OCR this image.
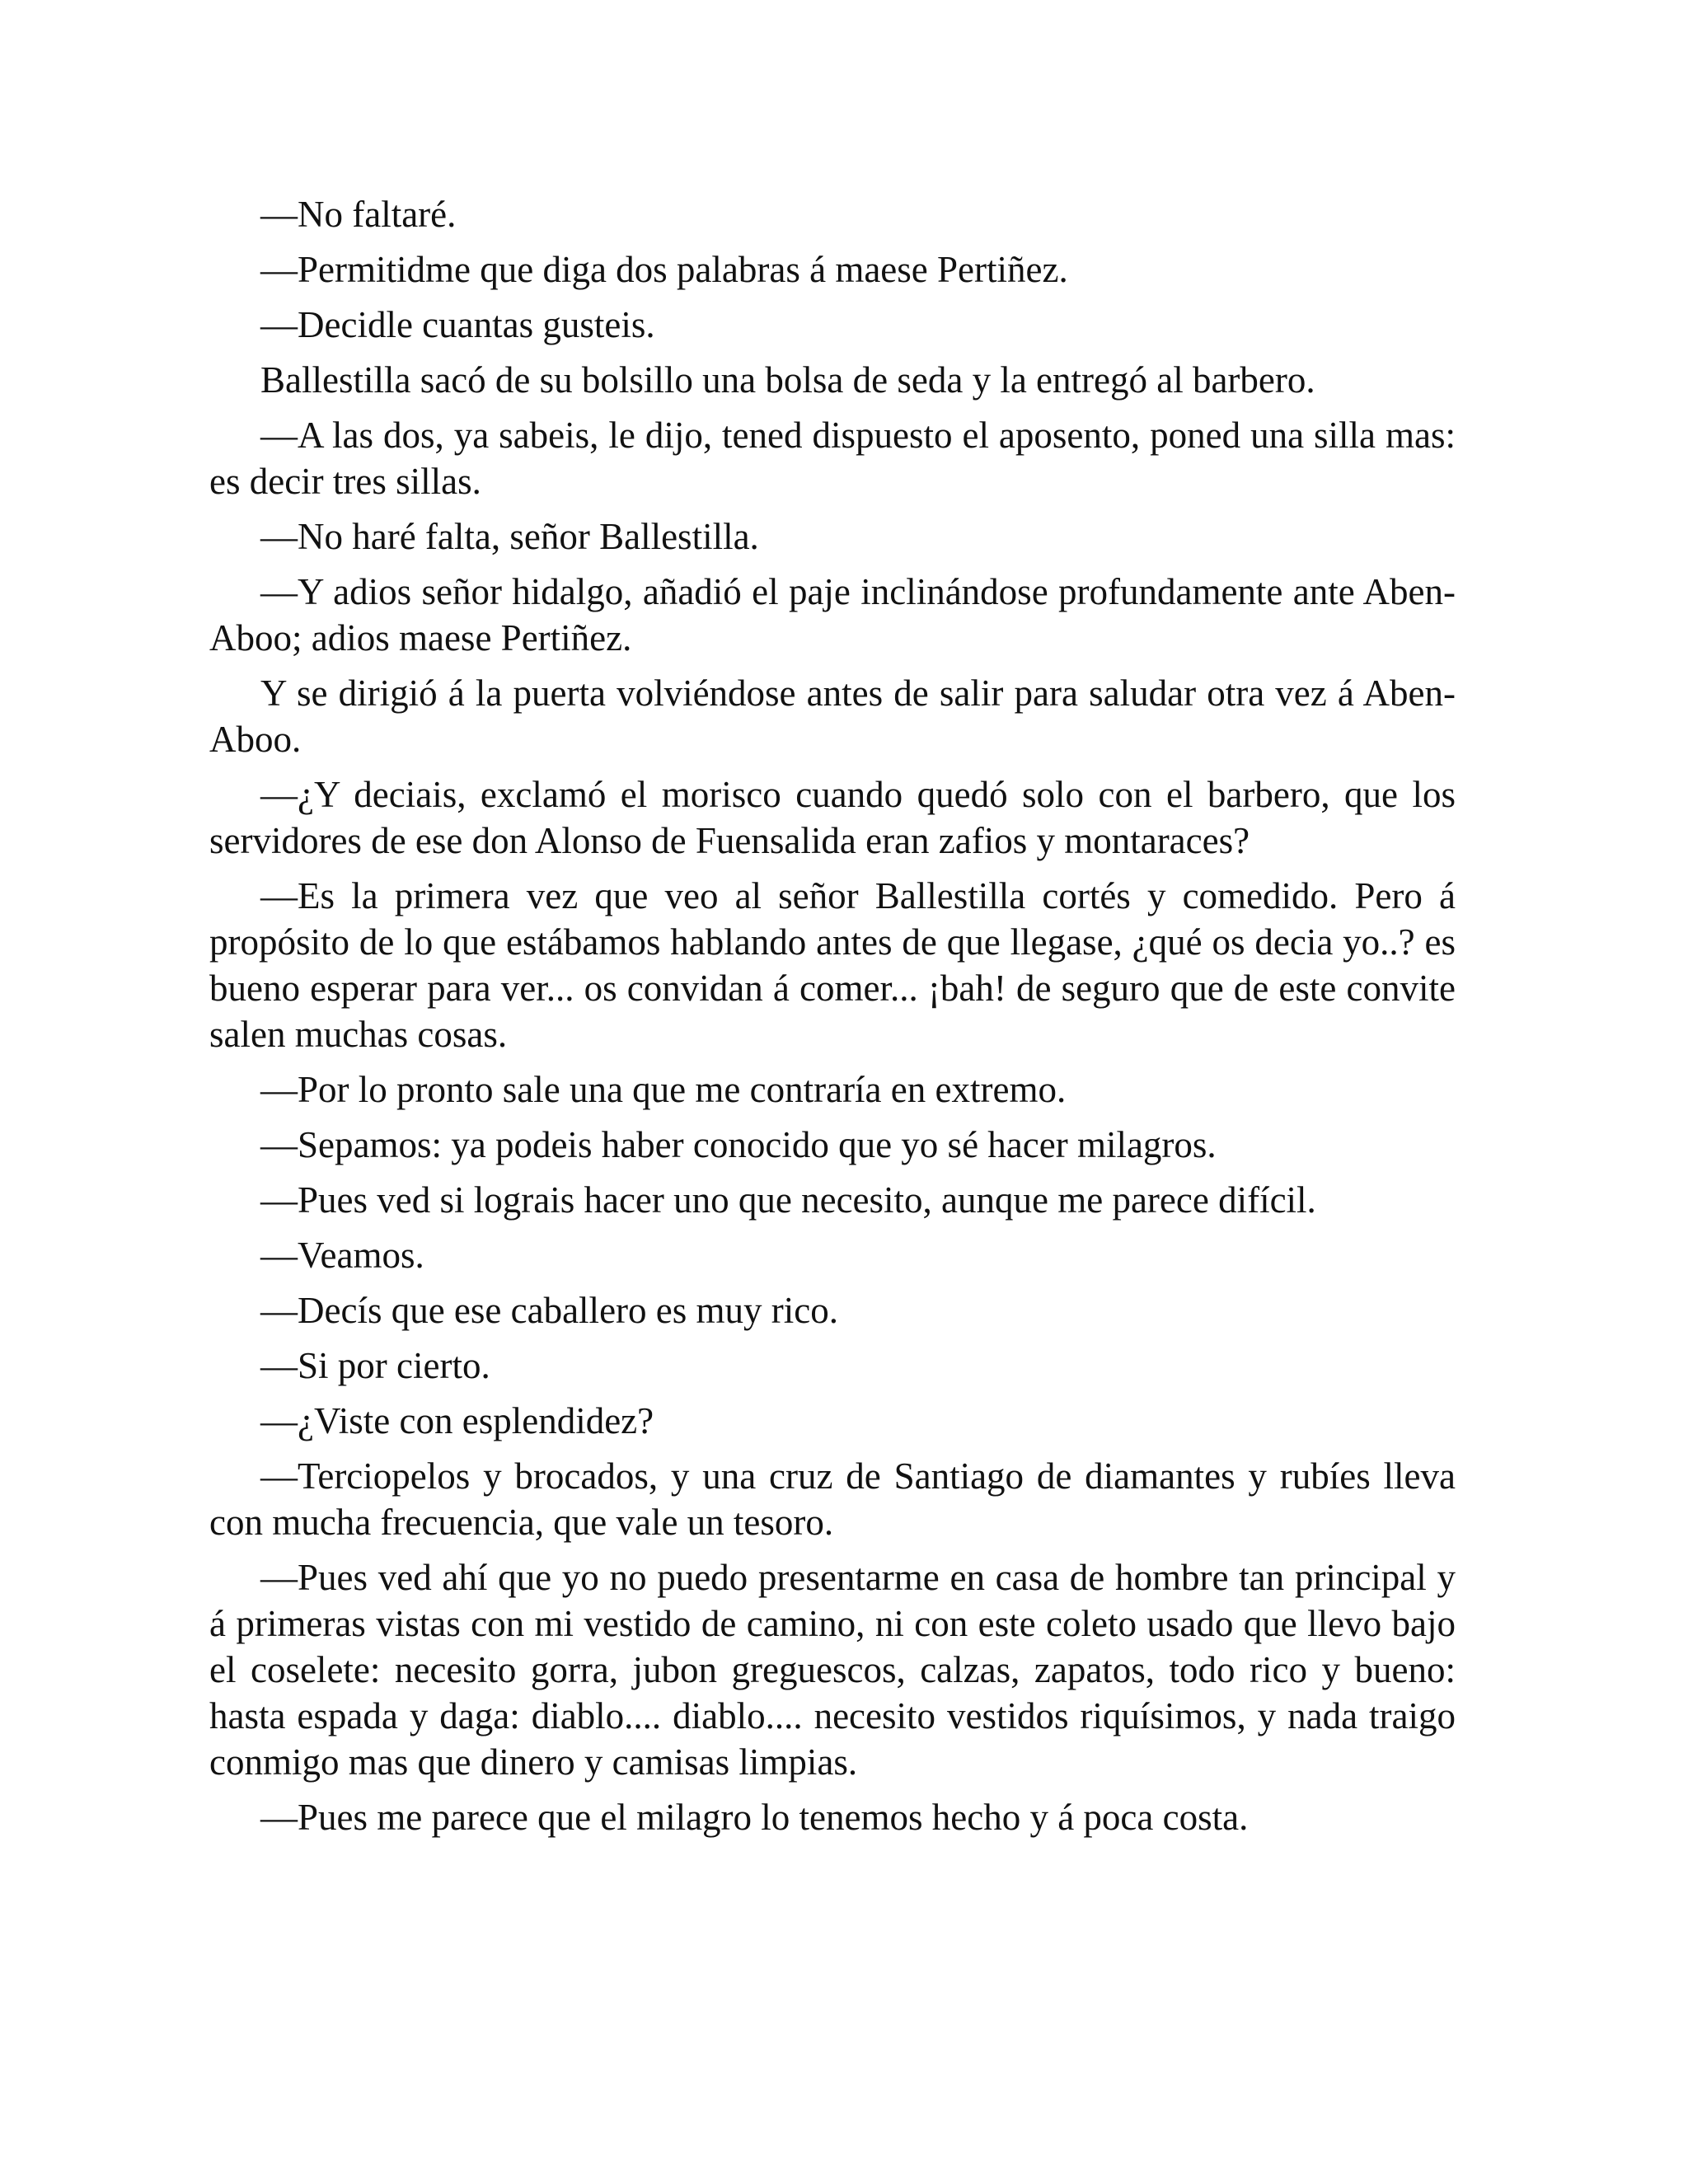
—No faltaré.

—Permitidme que diga dos palabras á maese Pertiñez.

—Decidle cuantas gusteis.

Ballestilla sacó de su bolsillo una bolsa de seda y la entregó al barbero.

—A las dos, ya sabeis, le dijo, tened dispuesto el aposento, poned una silla mas: es decir tres sillas.

—No haré falta, señor Ballestilla.

—Y adios señor hidalgo, añadió el paje inclinándose profundamente ante Aben-Aboo; adios maese Pertiñez.

Y se dirigió á la puerta volviéndose antes de salir para saludar otra vez á Aben-Aboo.

—¿Y deciais, exclamó el morisco cuando quedó solo con el barbero, que los servidores de ese don Alonso de Fuensalida eran zafios y montaraces?

—Es la primera vez que veo al señor Ballestilla cortés y comedido. Pero á propósito de lo que estábamos hablando antes de que llegase, ¿qué os decia yo..? es bueno esperar para ver... os convidan á comer... ¡bah! de seguro que de este convite salen muchas cosas.

—Por lo pronto sale una que me contraría en extremo.

—Sepamos: ya podeis haber conocido que yo sé hacer milagros.

—Pues ved si lograis hacer uno que necesito, aunque me parece difícil.

—Veamos.

—Decís que ese caballero es muy rico.

—Si por cierto.

—¿Viste con esplendidez?

—Terciopelos y brocados, y una cruz de Santiago de diamantes y rubíes lleva con mucha frecuencia, que vale un tesoro.

—Pues ved ahí que yo no puedo presentarme en casa de hombre tan principal y á primeras vistas con mi vestido de camino, ni con este coleto usado que llevo bajo el coselete: necesito gorra, jubon greguescos, calzas, zapatos, todo rico y bueno: hasta espada y daga: diablo.... diablo.... necesito vestidos riquísimos, y nada traigo conmigo mas que dinero y camisas limpias.

—Pues me parece que el milagro lo tenemos hecho y á poca costa.
